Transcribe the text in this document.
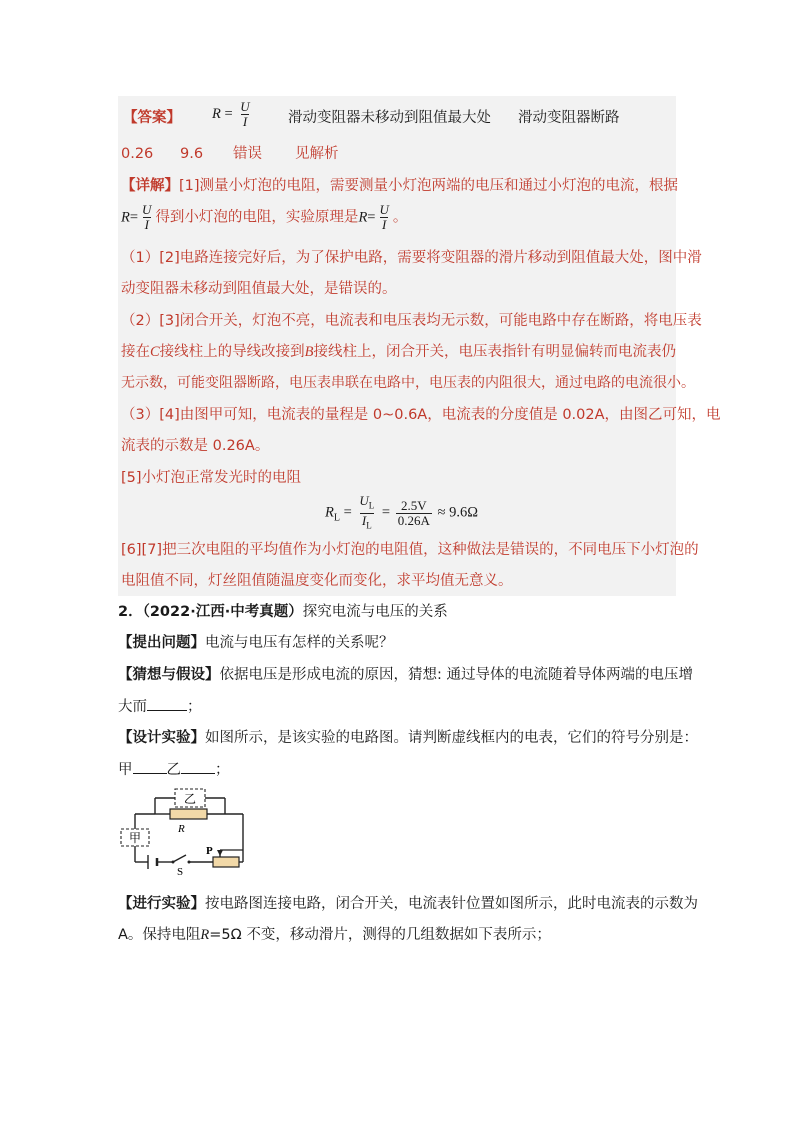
【答案】 $R = \frac{U}{I}$	滑动变阻器未移动到阻值最大处 滑动变阻器断路
0.26 9.6 错误 见解析
【详解】[1]测量小灯泡的电阻，需要测量小灯泡两端的电压和通过小灯泡的电流，根据
$R= \frac{U}{I}$ 得到小灯泡的电阻，实验原理是$R= \frac{U}{I}$ 。
（1）[2]电路连接完好后，为了保护电路，需要将变阻器的滑片移动到阻值最大处，图中滑
动变阻器未移动到阻值最大处，是错误的。
（2）[3]闭合开关，灯泡不亮，电流表和电压表均无示数，可能电路中存在断路，将电压表
接在C接线柱上的导线改接到B接线柱上，闭合开关，电压表指针有明显偏转而电流表仍
无示数，可能变阻器断路，电压表串联在电路中，电压表的内阻很大，通过电路的电流很小。
（3）[4]由图甲可知，电流表的量程是 0~0.6A，电流表的分度值是 0.02A，由图乙可知，电
流表的示数是 0.26A。
[5]小灯泡正常发光时的电阻
$R_L = \frac{U_L}{I_L} = \frac{2.5V}{0.26A} \approx 9.6\Omega$
[6][7]把三次电阻的平均值作为小灯泡的电阻值，这种做法是错误的，不同电压下小灯泡的
电阻值不同，灯丝阻值随温度变化而变化，求平均值无意义。
2．（2022·江西·中考真题）探究电流与电压的关系
【提出问题】电流与电压有怎样的关系呢？
【猜想与假设】依据电压是形成电流的原因，猜想: 通过导体的电流随着导体两端的电压增
大而	；
【设计实验】如图所示，是该实验的电路图。请判断虚线框内的电表，它们的符号分别是：
甲 乙 ；
乙
甲
R
P
S
【进行实验】按电路图连接电路，闭合开关，电流表针位置如图所示，此时电流表的示数为
A。保持电阻R=5Ω 不变，移动滑片，测得的几组数据如下表所示；
